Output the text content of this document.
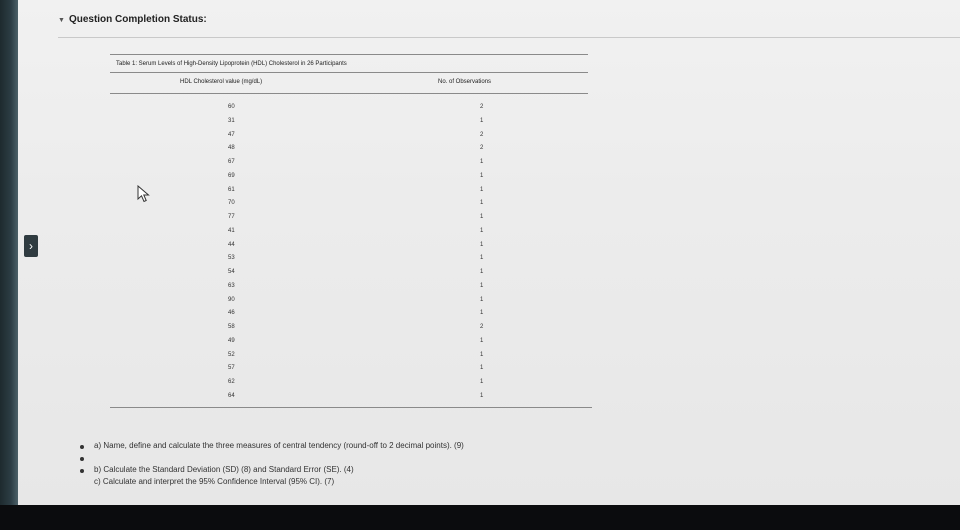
›
▼ Question Completion Status:
Table 1: Serum Levels of High-Density Lipoprotein (HDL) Cholesterol in 26 Participants
HDL Cholesterol value (mg/dL)	No. of Observations
60	2
31	1
47	2
48	2
67	1
69	1
61	1
70	1
77	1
41	1
44	1
53	1
54	1
63	1
90	1
46	1
58	2
49	1
52	1
57	1
62	1
64	1
a) Name, define and calculate the three measures of central tendency (round-off to 2 decimal points). (9)
b) Calculate the Standard Deviation (SD) (8) and Standard Error (SE). (4)
c) Calculate and interpret the 95% Confidence Interval (95% CI). (7)
